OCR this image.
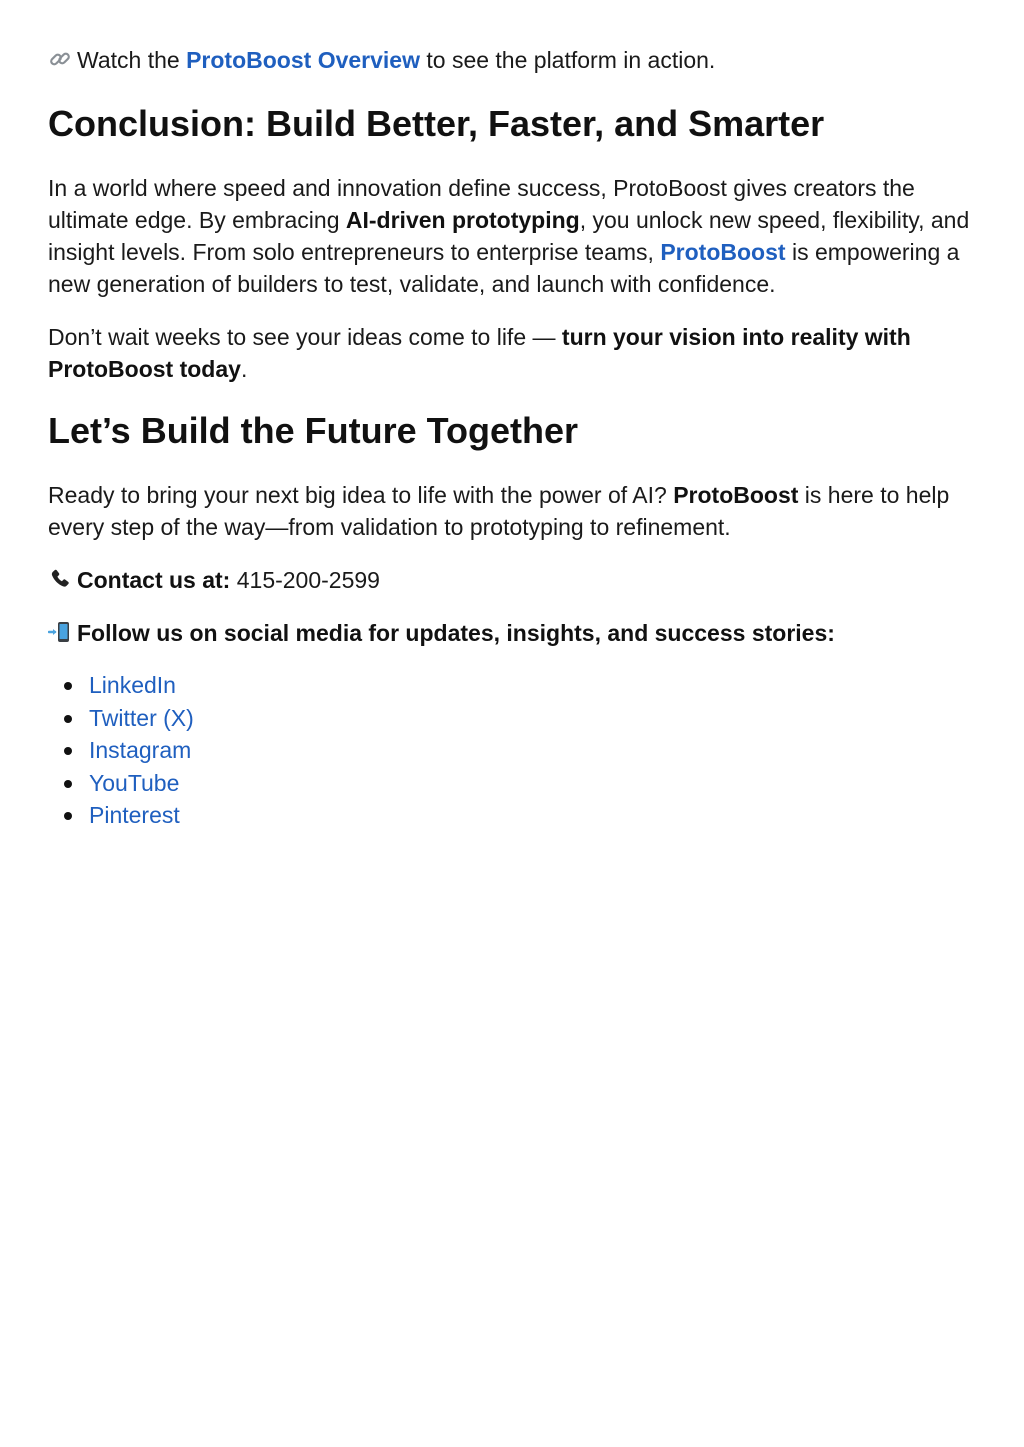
Watch the ProtoBoost Overview to see the platform in action.

Conclusion: Build Better, Faster, and Smarter

In a world where speed and innovation define success, ProtoBoost gives creators the ultimate edge. By embracing AI-driven prototyping, you unlock new speed, flexibility, and insight levels. From solo entrepreneurs to enterprise teams, ProtoBoost is empowering a new generation of builders to test, validate, and launch with confidence.

Don’t wait weeks to see your ideas come to life — turn your vision into reality with ProtoBoost today.

Let’s Build the Future Together

Ready to bring your next big idea to life with the power of AI? ProtoBoost is here to help every step of the way—from validation to prototyping to refinement.

Contact us at: 415-200-2599

Follow us on social media for updates, insights, and success stories:

LinkedIn
Twitter (X)
Instagram
YouTube
Pinterest
